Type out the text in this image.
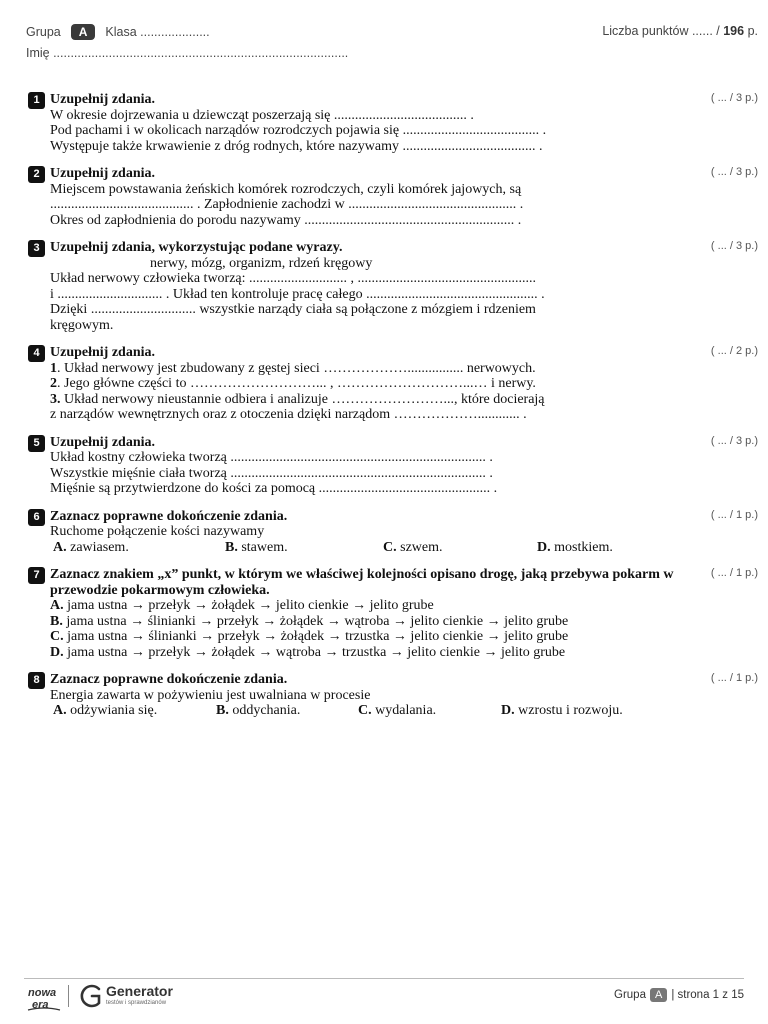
Grupa	A	Klasa ....................	Liczba punktów ...... / 196 p.
Imię .....................................................................................
1 Uzupełnij zdania.
W okresie dojrzewania u dziewcząt poszerzają się ...................................... .
Pod pachami i w okolicach narządów rozrodczych pojawia się ....................................... .
Występuje także krwawienie z dróg rodnych, które nazywamy ...................................... .
( ... / 3 p.)
2 Uzupełnij zdania.
Miejscem powstawania żeńskich komórek rozrodczych, czyli komórek jajowych, są
......................................... . Zapłodnienie zachodzi w ................................................ .
Okres od zapłodnienia do porodu nazywamy ............................................................ .
( ... / 3 p.)
3 Uzupełnij zdania, wykorzystując podane wyrazy.
nerwy, mózg, organizm, rdzeń kręgowy
Układ nerwowy człowieka tworzą: ............................ , ...................................................
i .............................. . Układ ten kontroluje pracę całego ................................................. .
Dzięki .............................. wszystkie narządy ciała są połączone z mózgiem i rdzeniem
kręgowym.
( ... / 3 p.)
4 Uzupełnij zdania.
1. Układ nerwowy jest zbudowany z gęstej sieci ………………................ nerwowych.
2. Jego główne części to ………………………... , ………………………...… i nerwy.
3. Układ nerwowy nieustannie odbiera i analizuje ……………………..., które docierają
z narządów wewnętrznych oraz z otoczenia dzięki narządom ………………............ .
( ... / 2 p.)
5 Uzupełnij zdania.
Układ kostny człowieka tworzą ......................................................................... .
Wszystkie mięśnie ciała tworzą ......................................................................... .
Mięśnie są przytwierdzone do kości za pomocą ................................................. .
( ... / 3 p.)
6 Zaznacz poprawne dokończenie zdania.
Ruchome połączenie kości nazywamy
A. zawiasem.	B. stawem.	C. szwem.	D. mostkiem.
( ... / 1 p.)
7 Zaznacz znakiem „x” punkt, w którym we właściwej kolejności opisano drogę, jaką przebywa pokarm w przewodzie pokarmowym człowieka.
A. jama ustna → przełyk → żołądek → jelito cienkie → jelito grube
B. jama ustna → ślinianki → przełyk → żołądek → wątroba → jelito cienkie → jelito grube
C. jama ustna → ślinianki → przełyk → żołądek → trzustka → jelito cienkie → jelito grube
D. jama ustna → przełyk → żołądek → wątroba → trzustka → jelito cienkie → jelito grube
( ... / 1 p.)
8 Zaznacz poprawne dokończenie zdania.
Energia zawarta w pożywieniu jest uwalniana w procesie
A. odżywiania się.	B. oddychania.	C. wydalania.	D. wzrostu i rozwoju.
( ... / 1 p.)
nowa
era
Generator
testów i sprawdzianów
Grupa A | strona 1 z 15
